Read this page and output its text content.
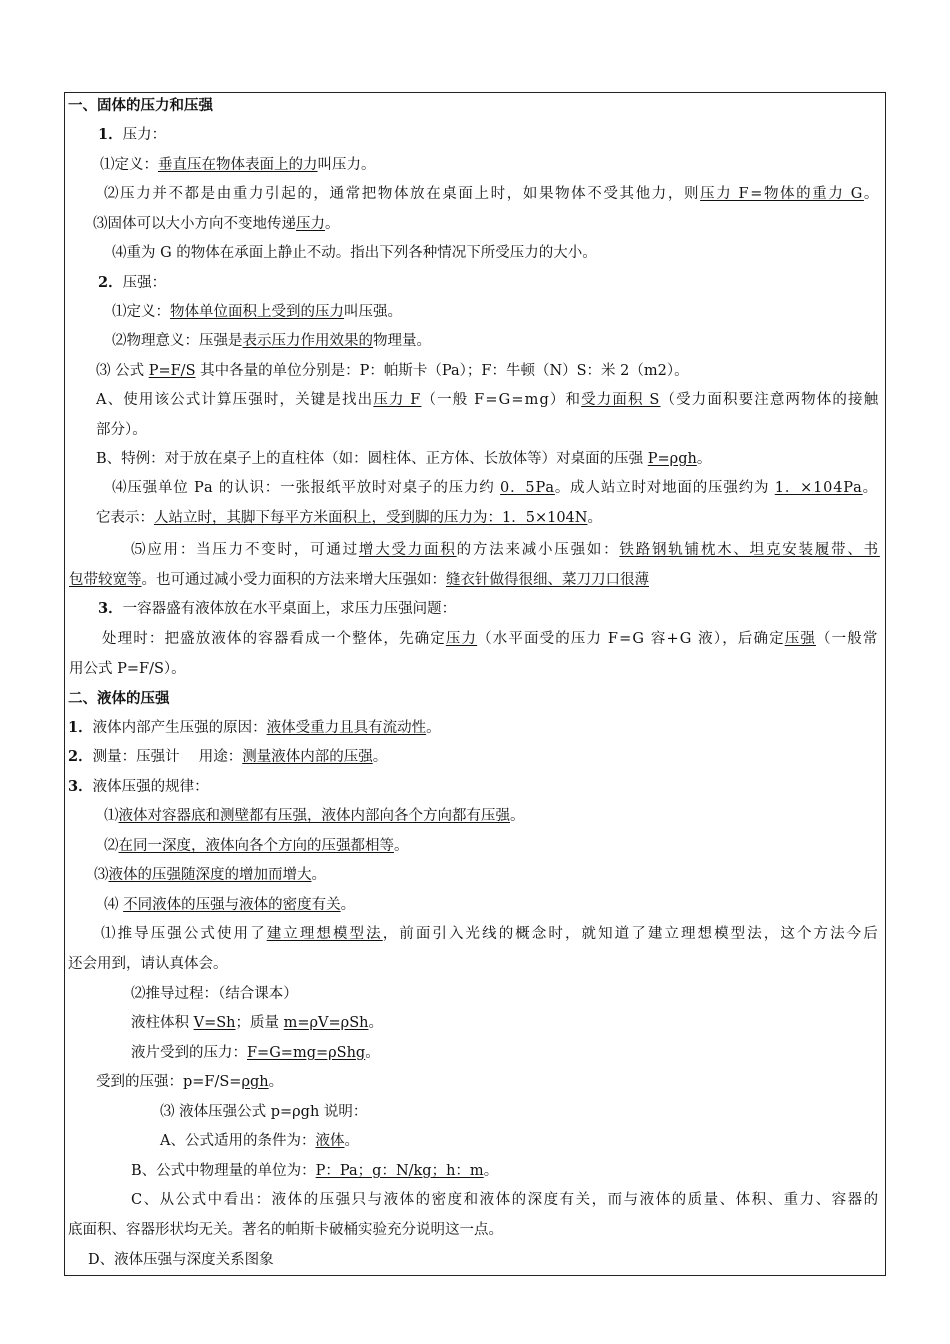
一、固体的压力和压强
1．压力：
⑴定义：垂直压在物体表面上的力叫压力。
⑵压力并不都是由重力引起的，通常把物体放在桌面上时，如果物体不受其他力，则压力 F=物体的重力 G。
⑶固体可以大小方向不变地传递压力。
⑷重为 G 的物体在承面上静止不动。指出下列各种情况下所受压力的大小。
2．压强：
⑴定义：物体单位面积上受到的压力叫压强。
⑵物理意义：压强是表示压力作用效果的物理量。
⑶ 公式 P=F/S 其中各量的单位分别是：P：帕斯卡（Pa）；F：牛顿（N）S：米 2（m2）。
A、使用该公式计算压强时，关键是找出压力 F（一般 F=G=mg）和受力面积 S（受力面积要注意两物体的接触
部分）。
B、特例：对于放在桌子上的直柱体（如：圆柱体、正方体、长放体等）对桌面的压强 P=ρgh。
⑷压强单位 Pa 的认识：一张报纸平放时对桌子的压力约 0．5Pa。成人站立时对地面的压强约为 1．×104Pa。
它表示：人站立时，其脚下每平方米面积上，受到脚的压力为：1．5×104N。
⑸应用：当压力不变时，可通过增大受力面积的方法来减小压强如：铁路钢轨铺枕木、坦克安装履带、书
包带较宽等。也可通过减小受力面积的方法来增大压强如：缝衣针做得很细、菜刀刀口很薄
3．一容器盛有液体放在水平桌面上，求压力压强问题：
处理时：把盛放液体的容器看成一个整体，先确定压力（水平面受的压力 F=G 容+G 液），后确定压强（一般常
用公式 P=F/S）。
二、液体的压强
1．液体内部产生压强的原因：液体受重力且具有流动性。
2．测量：压强计　 用途：测量液体内部的压强。
3．液体压强的规律：
⑴液体对容器底和测壁都有压强，液体内部向各个方向都有压强。
⑵在同一深度，液体向各个方向的压强都相等。
⑶液体的压强随深度的增加而增大。
⑷ 不同液体的压强与液体的密度有关。
⑴推导压强公式使用了建立理想模型法，前面引入光线的概念时，就知道了建立理想模型法，这个方法今后
还会用到，请认真体会。
⑵推导过程：（结合课本）
液柱体积 V=Sh；质量 m=ρV=ρSh。
液片受到的压力：F=G=mg=ρShg。
受到的压强：p=F/S=ρgh。
⑶ 液体压强公式 p=ρgh 说明：
A、公式适用的条件为：液体。
B、公式中物理量的单位为：P：Pa；g：N/kg；h：m。
C、从公式中看出：液体的压强只与液体的密度和液体的深度有关，而与液体的质量、体积、重力、容器的
底面积、容器形状均无关。著名的帕斯卡破桶实验充分说明这一点。
D、液体压强与深度关系图象
